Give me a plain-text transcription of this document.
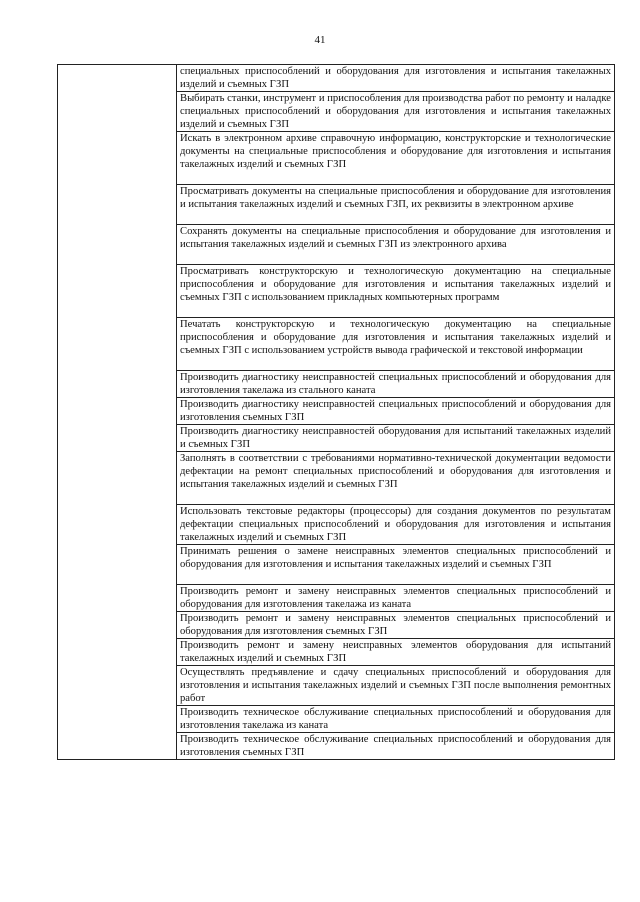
41

специальных приспособлений и оборудования для изготовления и испытания такелажных изделий и съемных ГЗП

Выбирать станки, инструмент и приспособления для производства работ по ремонту и наладке специальных приспособлений и оборудования для изготовления и испытания такелажных изделий и съемных ГЗП

Искать в электронном архиве справочную информацию, конструкторские и технологические документы на специальные приспособления и оборудование для изготовления и испытания такелажных изделий и съемных ГЗП

Просматривать документы на специальные приспособления и оборудование для изготовления и испытания такелажных изделий и съемных ГЗП, их реквизиты в электронном архиве

Сохранять документы на специальные приспособления и оборудование для изготовления и испытания такелажных изделий и съемных ГЗП из электронного архива

Просматривать конструкторскую и технологическую документацию на специальные приспособления и оборудование для изготовления и испытания такелажных изделий и съемных ГЗП с использованием прикладных компьютерных программ

Печатать конструкторскую и технологическую документацию на специальные приспособления и оборудование для изготовления и испытания такелажных изделий и съемных ГЗП с использованием устройств вывода графической и текстовой информации

Производить диагностику неисправностей специальных приспособлений и оборудования для изготовления такелажа из стального каната

Производить диагностику неисправностей специальных приспособлений и оборудования для изготовления съемных ГЗП

Производить диагностику неисправностей оборудования для испытаний такелажных изделий и съемных ГЗП

Заполнять в соответствии с требованиями нормативно-технической документации ведомости дефектации на ремонт специальных приспособлений и оборудования для изготовления и испытания такелажных изделий и съемных ГЗП

Использовать текстовые редакторы (процессоры) для создания документов по результатам дефектации специальных приспособлений и оборудования для изготовления и испытания такелажных изделий и съемных ГЗП

Принимать решения о замене неисправных элементов специальных приспособлений и оборудования для изготовления и испытания такелажных изделий и съемных ГЗП

Производить ремонт и замену неисправных элементов специальных приспособлений и оборудования для изготовления такелажа из каната

Производить ремонт и замену неисправных элементов специальных приспособлений и оборудования для изготовления съемных ГЗП

Производить ремонт и замену неисправных элементов оборудования для испытаний такелажных изделий и съемных ГЗП

Осуществлять предъявление и сдачу специальных приспособлений и оборудования для изготовления и испытания такелажных изделий и съемных ГЗП после выполнения ремонтных работ

Производить техническое обслуживание специальных приспособлений и оборудования для изготовления такелажа из каната

Производить техническое обслуживание специальных приспособлений и оборудования для изготовления съемных ГЗП
